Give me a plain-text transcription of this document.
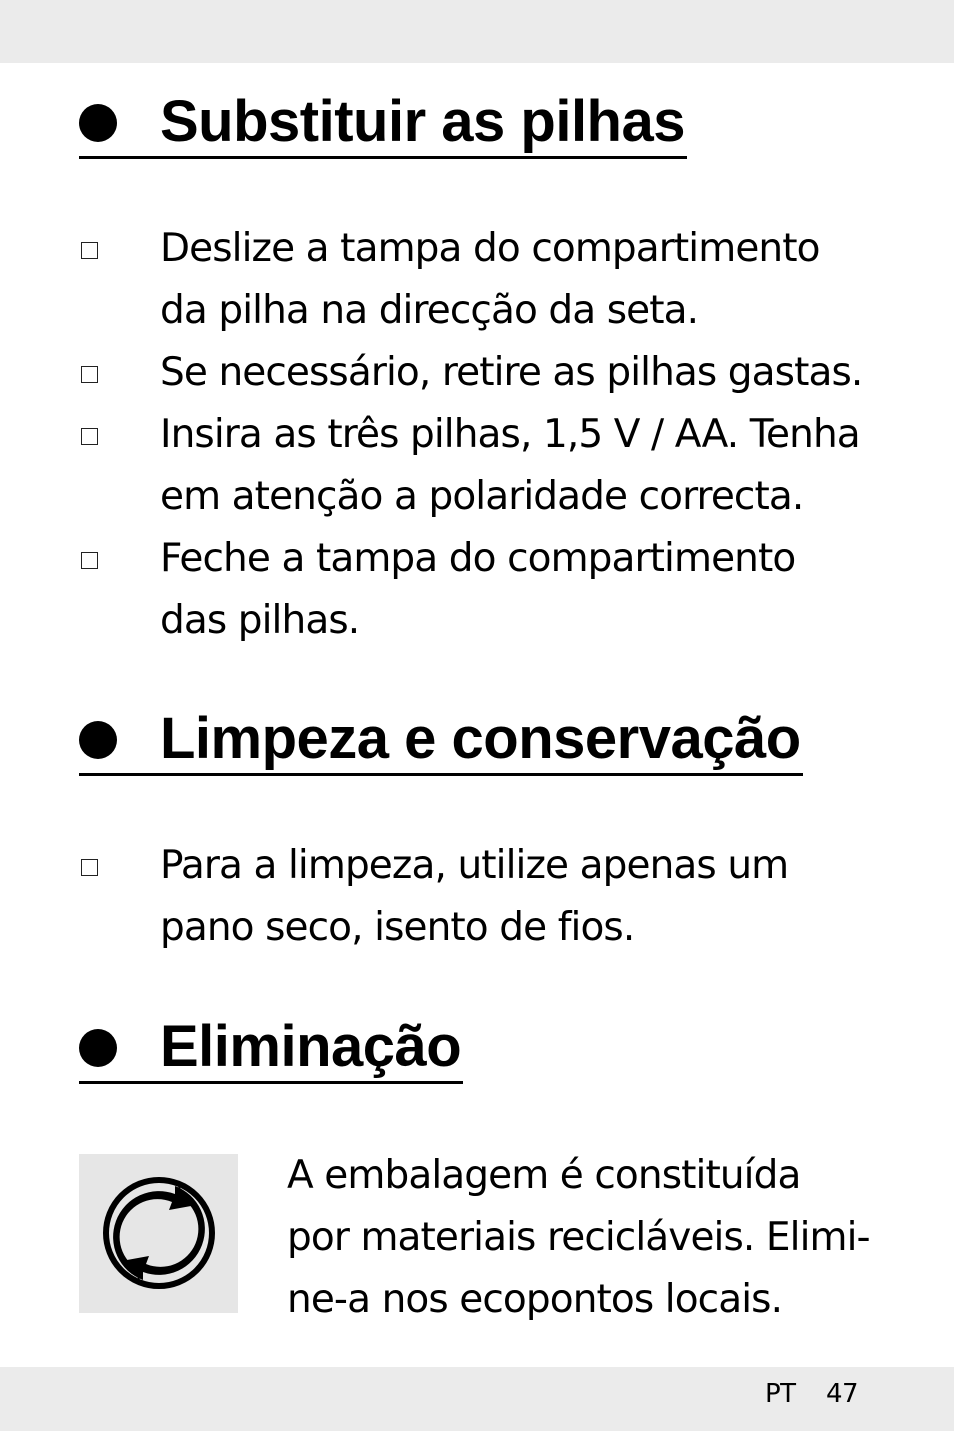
Substituir as pilhas
Deslize a tampa do compartimento
da pilha na direcção da seta.
Se necessário, retire as pilhas gastas.
Insira as três pilhas, 1,5 V / AA. Tenha
em atenção a polaridade correcta.
Feche a tampa do compartimento
das pilhas.
Limpeza e conservação
Para a limpeza, utilize apenas um
pano seco, isento de fios.
Eliminação

A embalagem é constituída
por materiais recicláveis. Elimi-
ne-a nos ecopontos locais.

PT 47
